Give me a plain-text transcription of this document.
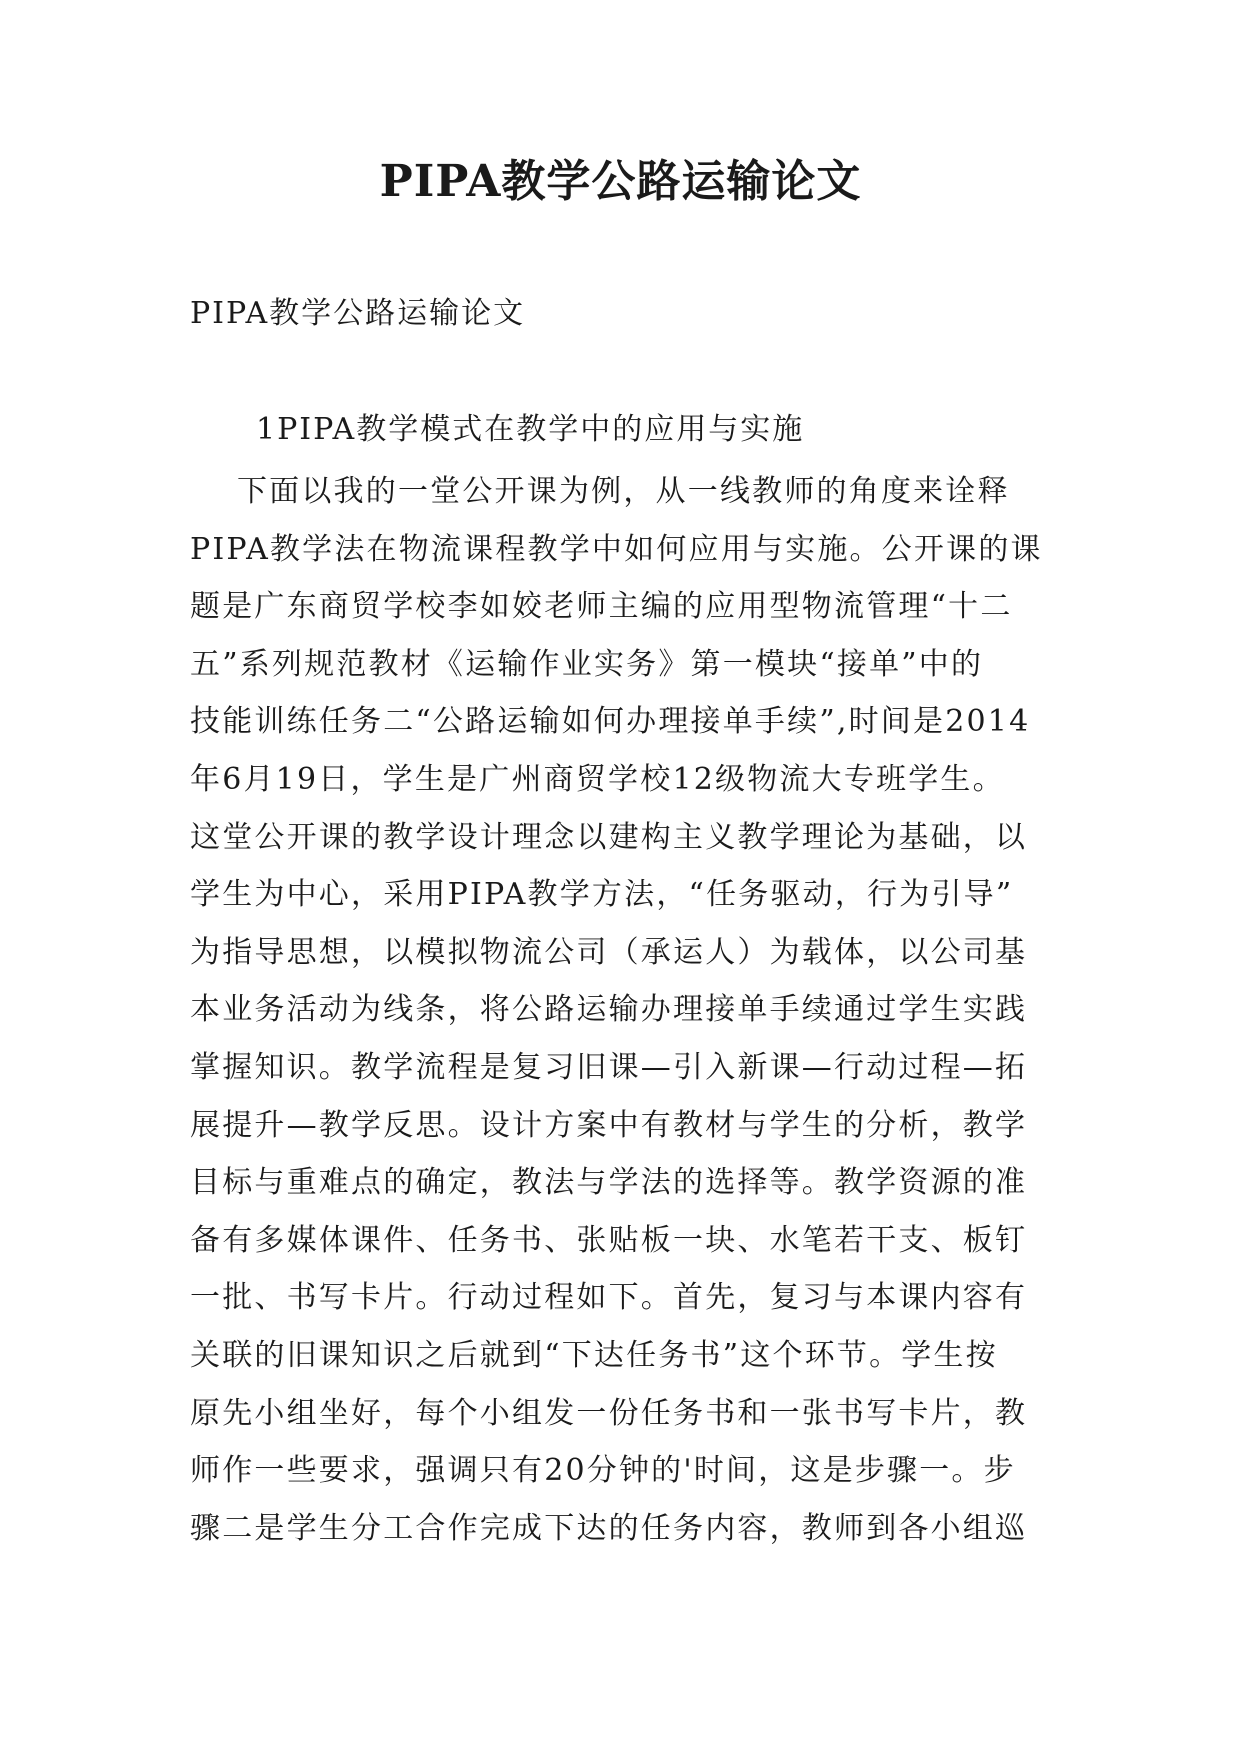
PIPA教学公路运输论文

PIPA教学公路运输论文

1PIPA教学模式在教学中的应用与实施

下面以我的一堂公开课为例，从一线教师的角度来诠释
PIPA教学法在物流课程教学中如何应用与实施。公开课的课
题是广东商贸学校李如姣老师主编的应用型物流管理“十二
五”系列规范教材《运输作业实务》第一模块“接单”中的
技能训练任务二“公路运输如何办理接单手续”,时间是2014
年6月19日，学生是广州商贸学校12级物流大专班学生。
这堂公开课的教学设计理念以建构主义教学理论为基础，以
学生为中心，采用PIPA教学方法，“任务驱动，行为引导”
为指导思想，以模拟物流公司（承运人）为载体，以公司基
本业务活动为线条，将公路运输办理接单手续通过学生实践
掌握知识。教学流程是复习旧课—引入新课—行动过程—拓
展提升—教学反思。设计方案中有教材与学生的分析，教学
目标与重难点的确定，教法与学法的选择等。教学资源的准
备有多媒体课件、任务书、张贴板一块、水笔若干支、板钉
一批、书写卡片。行动过程如下。首先，复习与本课内容有
关联的旧课知识之后就到“下达任务书”这个环节。学生按
原先小组坐好，每个小组发一份任务书和一张书写卡片，教
师作一些要求，强调只有20分钟的'时间，这是步骤一。步
骤二是学生分工合作完成下达的任务内容，教师到各小组巡
